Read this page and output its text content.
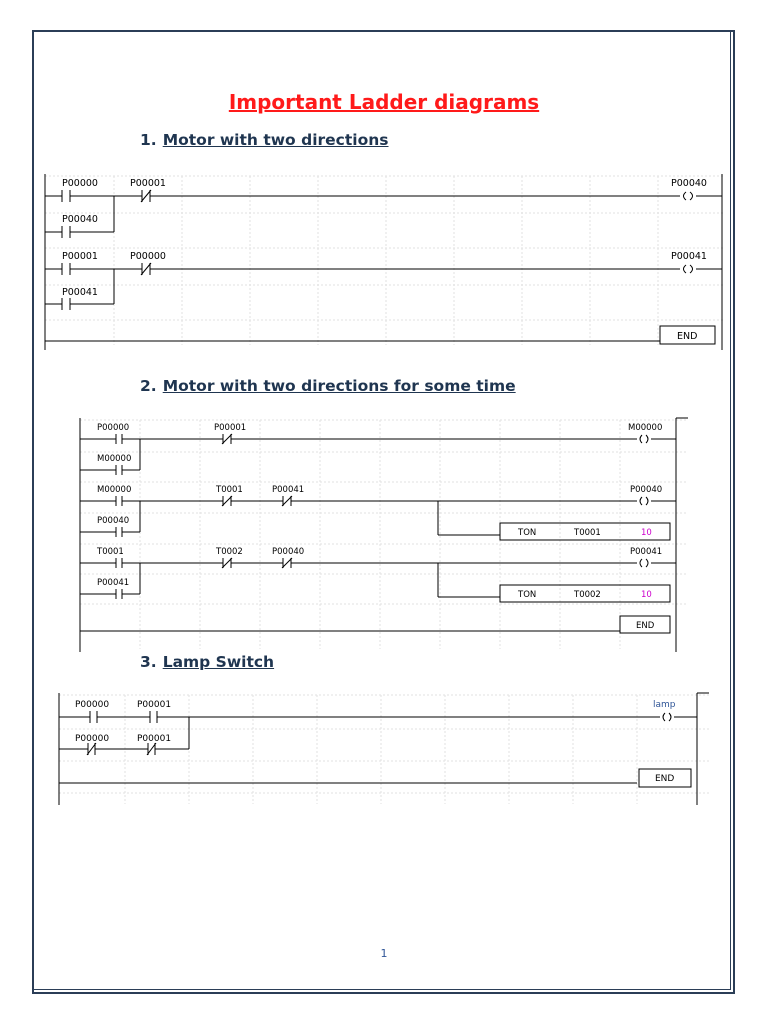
Important Ladder diagrams
1. Motor with two directions
P00000	P00001
P00040
P00040
P00001	P00000
P00041
P00041
END
2. Motor with two directions for some time
P00000	P00001
M00000
M00000
M00000	T0001	P00041
P00040
P00040
TON	T0001	10
T0001	T0002	P00040
P00041
P00041
TON	T0002	10
END
3. Lamp Switch
P00000	P00001
P00000	P00001
lamp
END
1
